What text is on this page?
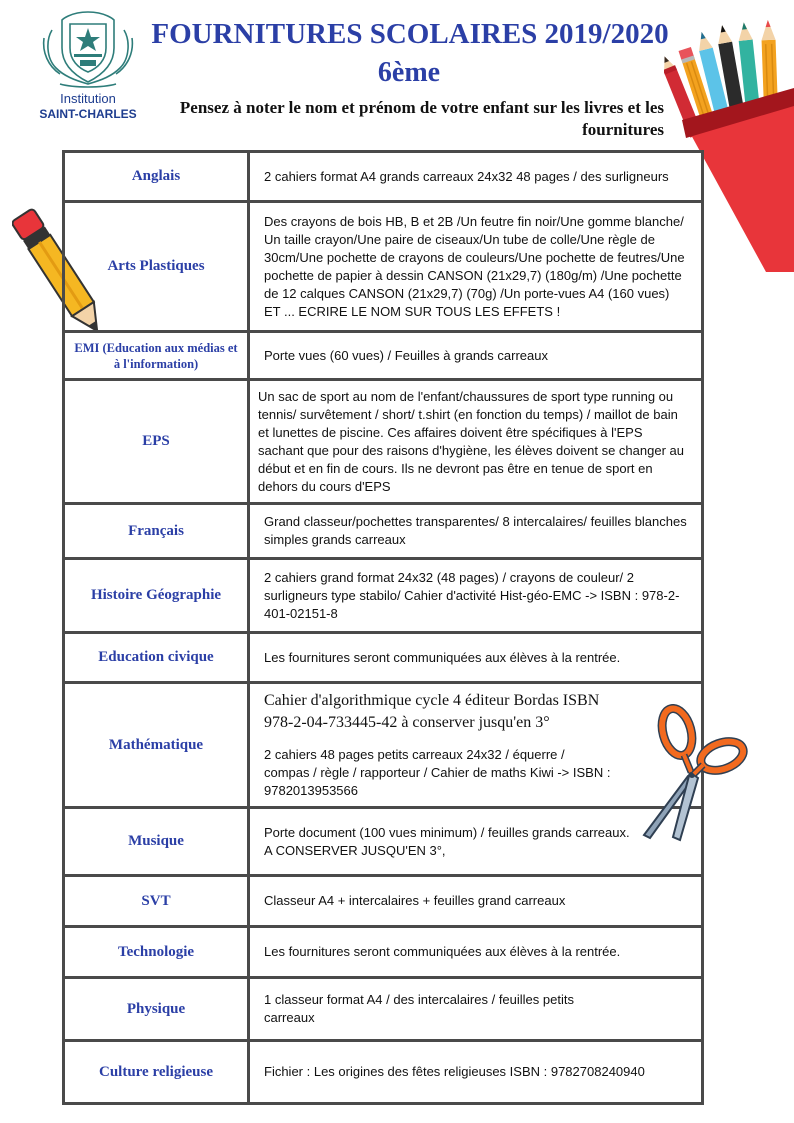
Institution
SAINT-CHARLES
FOURNITURES SCOLAIRES 2019/2020
6ème
Pensez à noter le nom et prénom de votre enfant sur les livres et les fournitures
Anglais	2 cahiers format A4 grands carreaux 24x32 48 pages / des surligneurs
Arts Plastiques	Des crayons de bois HB, B et 2B /Un feutre fin noir/Une gomme blanche/ Un taille crayon/Une paire de ciseaux/Un tube de colle/Une règle de 30cm/Une pochette de crayons de couleurs/Une pochette de feutres/Une pochette de papier à dessin CANSON (21x29,7) (180g/m) /Une pochette de 12 calques CANSON (21x29,7) (70g) /Un porte-vues A4 (160 vues) ET ... ECRIRE LE NOM SUR TOUS LES EFFETS !
EMI (Education aux médias et à l'information)	Porte vues (60 vues) / Feuilles à grands carreaux
EPS	Un sac de sport au nom de l'enfant/chaussures de sport type running ou tennis/ survêtement / short/ t.shirt (en fonction du temps) / maillot de bain et lunettes de piscine. Ces affaires doivent être spécifiques à l'EPS sachant que pour des raisons d'hygiène, les élèves doivent se changer au début et en fin de cours. Ils ne devront pas être en tenue de sport en dehors du cours d'EPS
Français	Grand classeur/pochettes transparentes/ 8 intercalaires/ feuilles blanches simples grands carreaux
Histoire Géographie	2 cahiers grand format 24x32 (48 pages) / crayons de couleur/ 2 surligneurs type stabilo/ Cahier d'activité Hist-géo-EMC -> ISBN : 978-2-401-02151-8
Education civique	Les fournitures seront communiquées aux élèves à la rentrée.
Mathématique	Cahier d'algorithmique cycle 4 éditeur Bordas ISBN 978-2-04-733445-42 à conserver jusqu'en 3°
2 cahiers 48 pages petits carreaux 24x32 / équerre / compas / règle / rapporteur / Cahier de maths Kiwi -> ISBN : 9782013953566
Musique	Porte document (100 vues minimum) / feuilles grands carreaux.
A CONSERVER JUSQU'EN 3°,
SVT	Classeur A4 + intercalaires + feuilles grand carreaux
Technologie	Les fournitures seront communiquées aux élèves à la rentrée.
Physique	1 classeur format A4 / des intercalaires / feuilles petits carreaux
Culture religieuse	Fichier : Les origines des fêtes religieuses ISBN : 9782708240940
